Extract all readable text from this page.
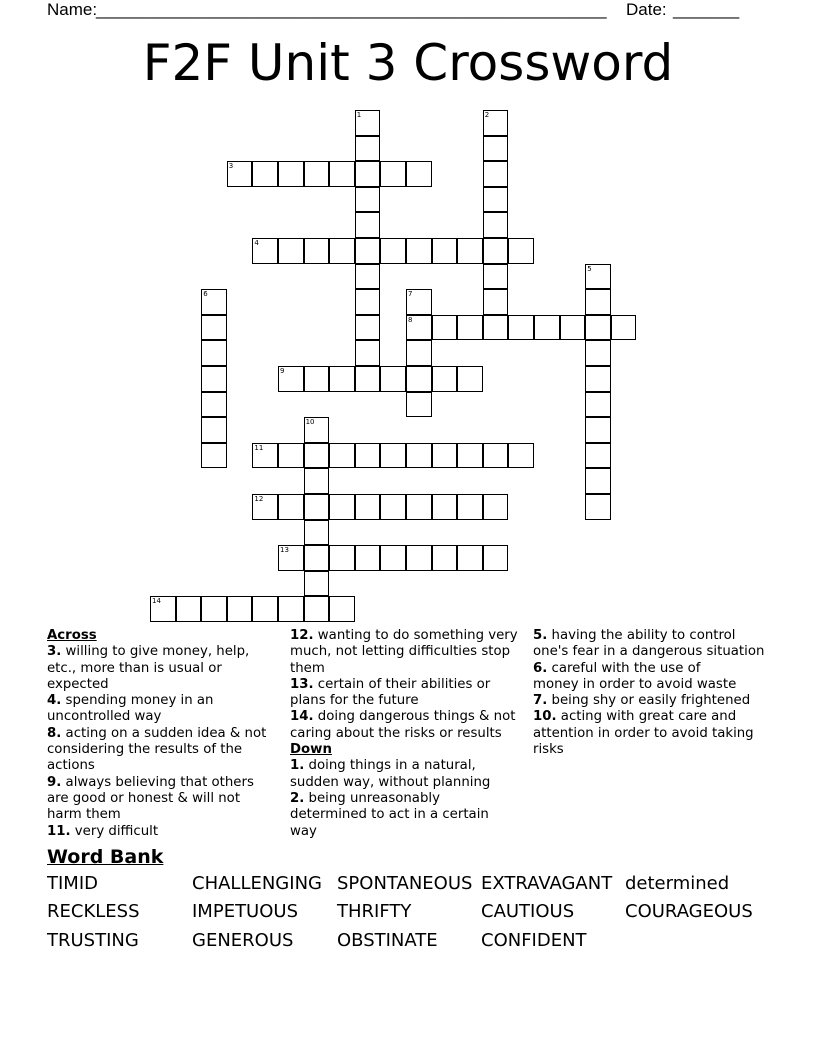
Name:
______________________________________________________ Date: _______
F2F Unit 3 Crossword
1	2
3
4
5
6	7
8
9
10
11
12
13
14
Across
3. willing to give money, help, etc., more than is usual or expected
4. spending money in an uncontrolled way
8. acting on a sudden idea & not considering the results of the actions
9. always believing that others are good or honest & will not harm them
11. very difficult
12. wanting to do something very much, not letting difficulties stop them
13. certain of their abilities or plans for the future
14. doing dangerous things & not caring about the risks or results
Down
1. doing things in a natural, sudden way, without planning
2. being unreasonably determined to act in a certain way
5. having the ability to control one's fear in a dangerous situation
6. careful with the use of money in order to avoid waste
7. being shy or easily frightened
10. acting with great care and attention in order to avoid taking risks
Word Bank
TIMID	CHALLENGING SPONTANEOUS EXTRAVAGANT determined
RECKLESS	IMPETUOUS THRIFTY	CAUTIOUS	COURAGEOUS
TRUSTING	GENEROUS OBSTINATE CONFIDENT
